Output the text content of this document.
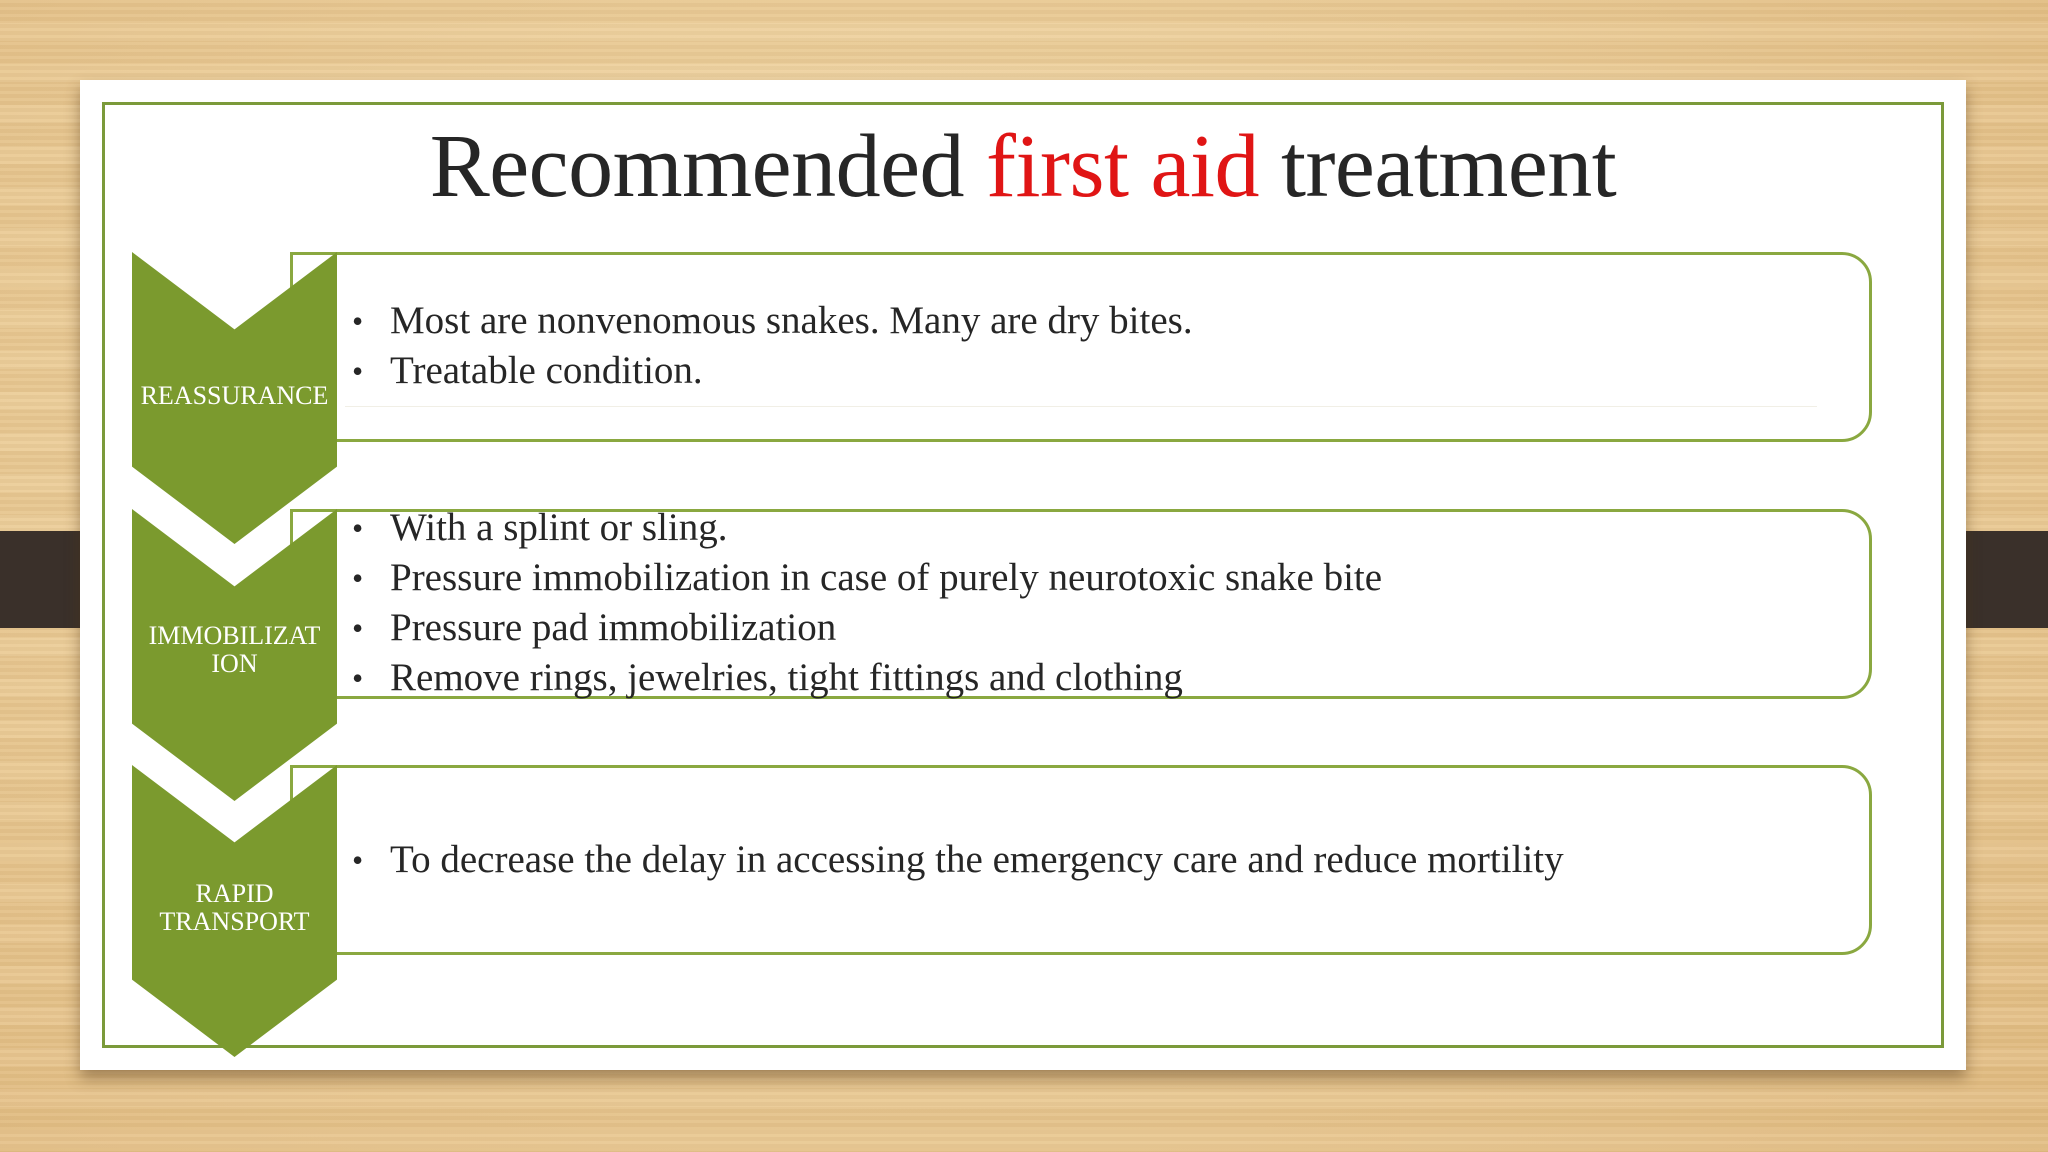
Recommended first aid treatment
REASSURANCE
IMMOBILIZAT
ION
RAPID
TRANSPORT
• Most are nonvenomous snakes. Many are dry bites.
• Treatable condition.
• With a splint or sling.
• Pressure immobilization in case of purely neurotoxic snake bite
• Pressure pad immobilization
• Remove rings, jewelries, tight fittings and clothing
• To decrease the delay in accessing the emergency care and reduce mortility
